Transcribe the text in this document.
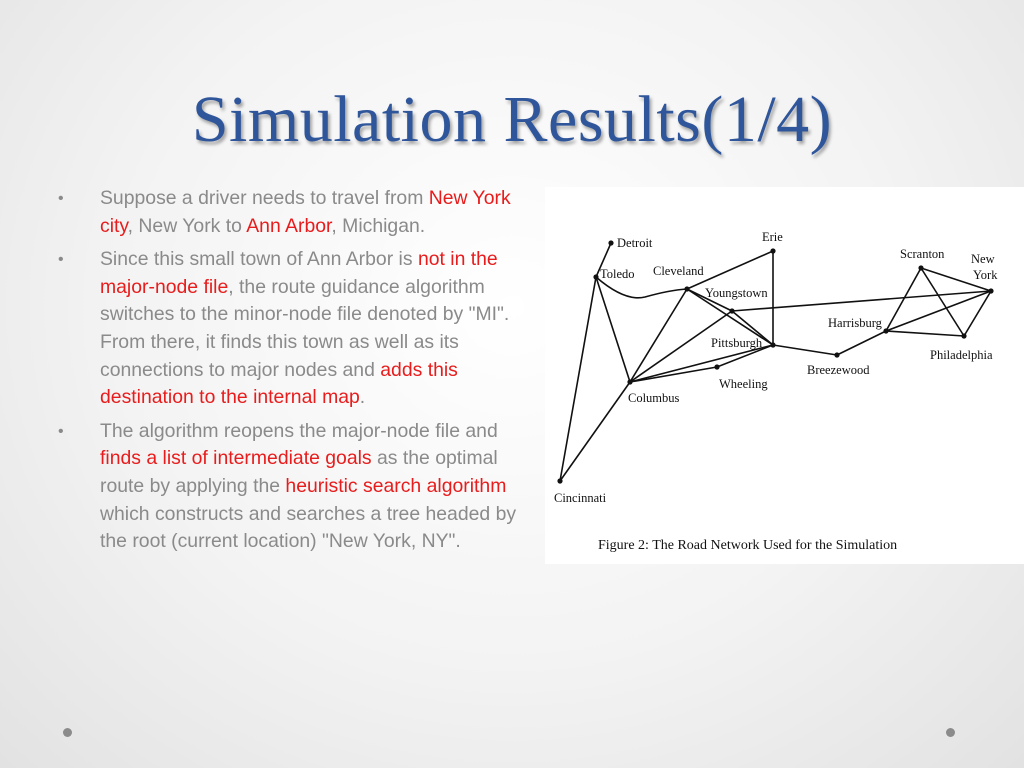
Simulation Results(1/4)
• Suppose a driver needs to travel from New York city, New York to Ann Arbor, Michigan.
• Since this small town of Ann Arbor is not in the major-node file, the route guidance algorithm switches to the minor-node file denoted by "MI". From there, it finds this town as well as its connections to major nodes and adds this destination to the internal map.
• The algorithm reopens the major-node file and finds a list of intermediate goals as the optimal route by applying the heuristic search algorithm which constructs and searches a tree headed by the root (current location) "New York, NY".
Detroit
Toledo Cleveland
Erie
Youngstown
Pittsburgh
Wheeling
Columbus
Cincinnati
Breezewood
Harrisburg
Scranton New
York
Philadelphia
Figure 2: The Road Network Used for the Simulation
